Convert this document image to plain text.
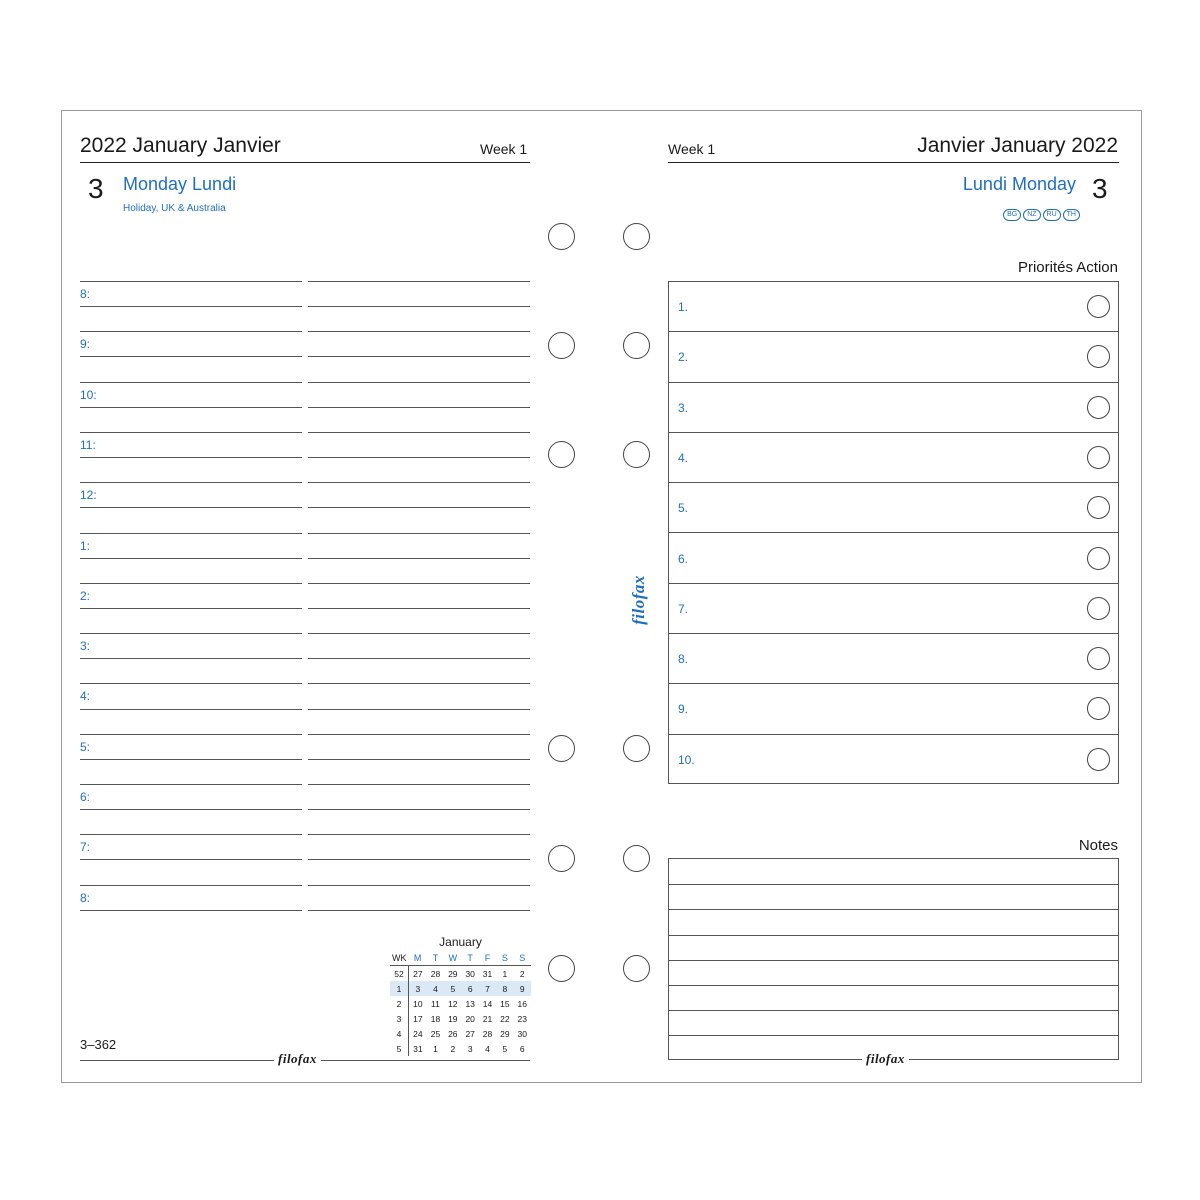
2022 January Janvier	Week 1
3 Monday Lundi
Holiday, UK & Australia
8:
9:
10:
11:
12:
1:
2:
3:
4:
5:
6:
7:
8:
January
WK	M	T	W	T	F	S	S
52	27	28	29	30	31	1	2
1	3	4	5	6	7	8	9
2	10	11	12	13	14	15	16
3	17	18	19	20	21	22	23
4	24	25	26	27	28	29	30
5	31	1	2	3	4	5	6
3–362
filofax
filofax
Week 1	Janvier January 2022
Lundi Monday 3
BG NZ RU TH
Priorités Action
1.
2.
3.
4.
5.
6.
7.
8.
9.
10.
Notes
filofax
